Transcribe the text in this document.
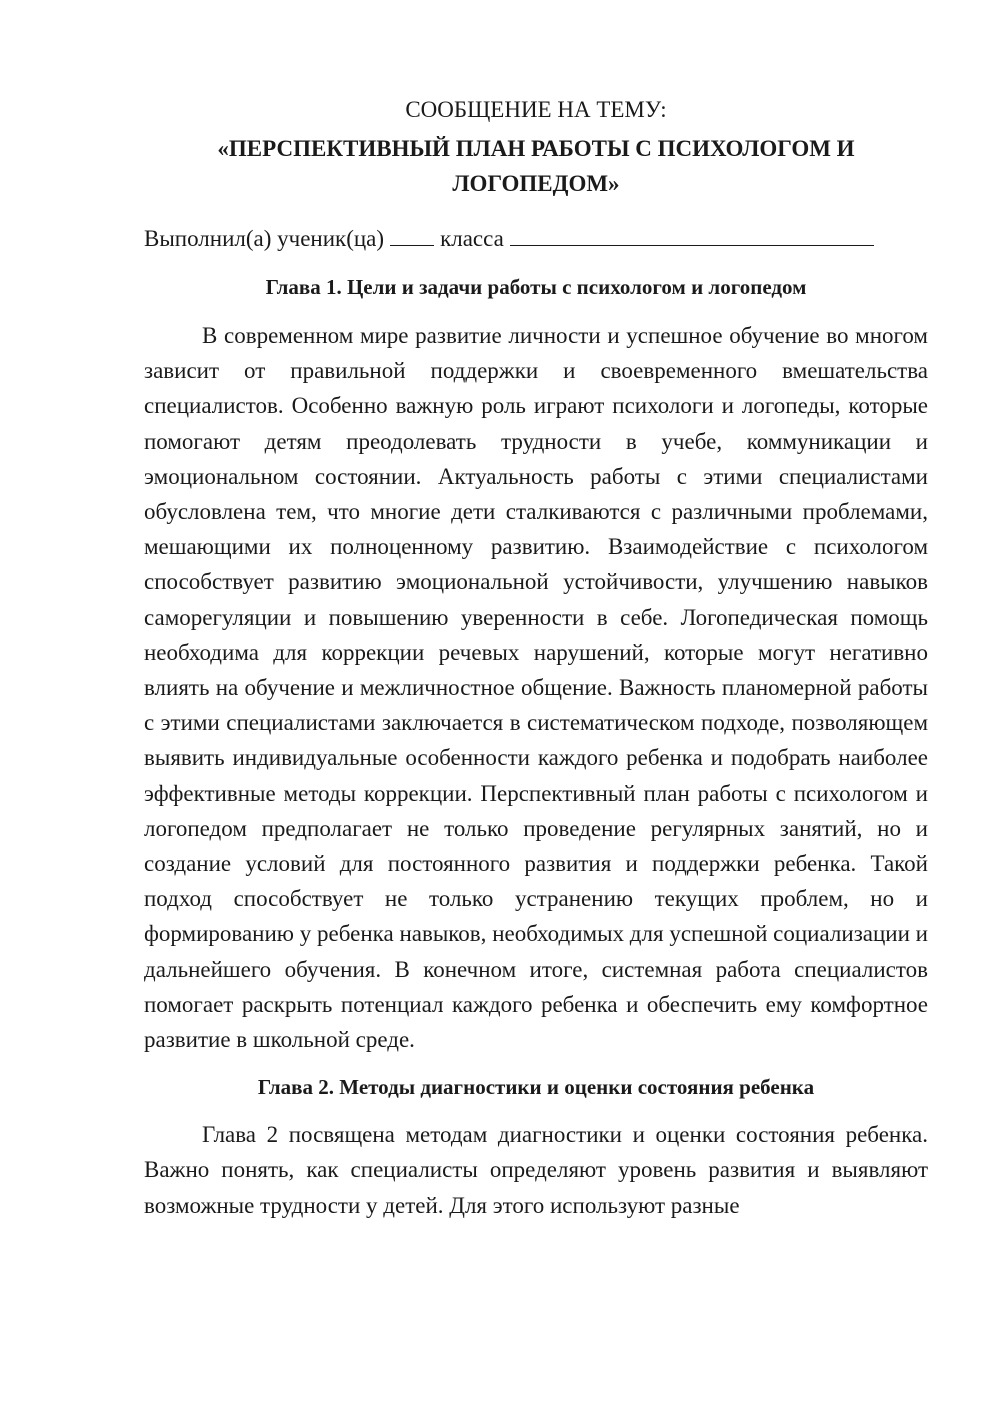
СООБЩЕНИЕ НА ТЕМУ:

«ПЕРСПЕКТИВНЫЙ ПЛАН РАБОТЫ С ПСИХОЛОГОМ И ЛОГОПЕДОМ»

Выполнил(а) ученик(ца) класса

Глава 1. Цели и задачи работы с психологом и логопедом

В современном мире развитие личности и успешное обучение во многом зависит от правильной поддержки и своевременного вмешательства специалистов. Особенно важную роль играют психологи и логопеды, которые помогают детям преодолевать трудности в учебе, коммуникации и эмоциональном состоянии. Актуальность работы с этими специалистами обусловлена тем, что многие дети сталкиваются с различными проблемами, мешающими их полноценному развитию. Взаимодействие с психологом способствует развитию эмоциональной устойчивости, улучшению навыков саморегуляции и повышению уверенности в себе. Логопедическая помощь необходима для коррекции речевых нарушений, которые могут негативно влиять на обучение и межличностное общение. Важность планомерной работы с этими специалистами заключается в систематическом подходе, позволяющем выявить индивидуальные особенности каждого ребенка и подобрать наиболее эффективные методы коррекции. Перспективный план работы с психологом и логопедом предполагает не только проведение регулярных занятий, но и создание условий для постоянного развития и поддержки ребенка. Такой подход способствует не только устранению текущих проблем, но и формированию у ребенка навыков, необходимых для успешной социализации и дальнейшего обучения. В конечном итоге, системная работа специалистов помогает раскрыть потенциал каждого ребенка и обеспечить ему комфортное развитие в школьной среде.

Глава 2. Методы диагностики и оценки состояния ребенка

Глава 2 посвящена методам диагностики и оценки состояния ребенка. Важно понять, как специалисты определяют уровень развития и выявляют возможные трудности у детей. Для этого используют разные
